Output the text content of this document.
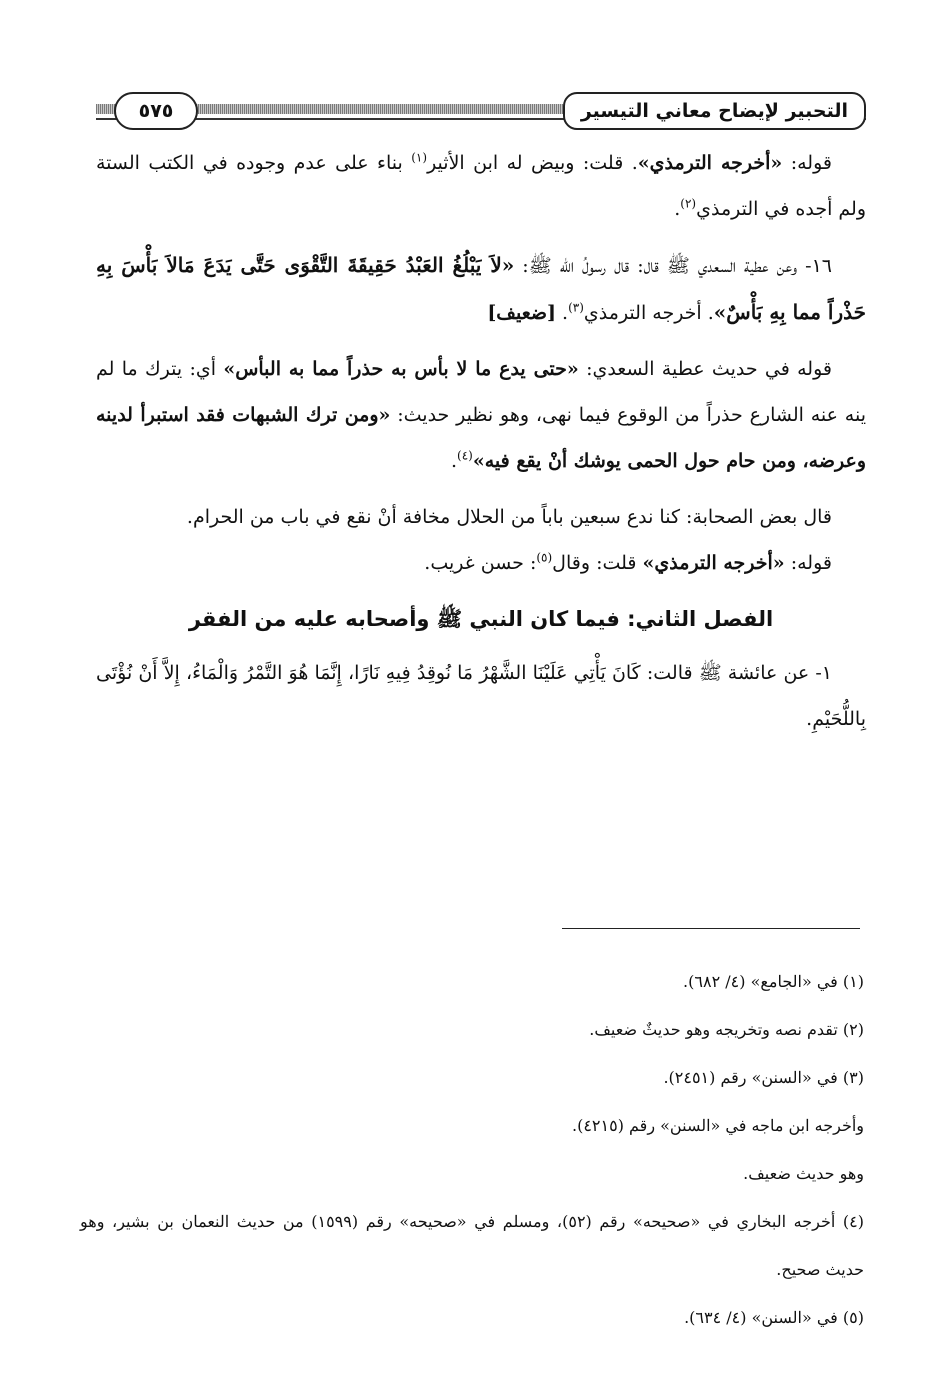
التحبير لإيضاح معاني التيسير
٥٧٥

قوله: «أخرجه الترمذي». قلت: وبيض له ابن الأثير$^{(١)}$ بناء على عدم وجوده في الكتب الستة ولم أجده في الترمذي$^{(٢)}$.

١٦- وعن عطية السعدي ﷺ قال: قال رسولُ الله ﷺ: «لاَ يَبْلُغُ العَبْدُ حَقِيقَةَ التَّقْوَى حَتَّى يَدَعَ مَالاَ بَأْسَ بِهِ حَذْراً مما بِهِ بَأْسٌ». أخرجه الترمذي$^{(٣)}$. [ضعيف]

قوله في حديث عطية السعدي: «حتى يدع ما لا بأس به حذراً مما به البأس» أي: يترك ما لم ينه عنه الشارع حذراً من الوقوع فيما نهى، وهو نظير حديث: «ومن ترك الشبهات فقد استبرأ لدينه وعرضه، ومن حام حول الحمى يوشك أنْ يقع فيه»$^{(٤)}$.

قال بعض الصحابة: كنا ندع سبعين باباً من الحلال مخافة أنْ نقع في باب من الحرام.

قوله: «أخرجه الترمذي» قلت: وقال$^{(٥)}$: حسن غريب.

الفصل الثاني: فيما كان النبي ﷺ وأصحابه عليه من الفقر

١- عن عائشة ﷺ قالت: كَانَ يَأْتِي عَلَيْنَا الشَّهْرُ مَا نُوقِدُ فِيهِ نَارًا، إِنَّمَا هُوَ التَّمْرُ وَالْمَاءُ، إِلاَّ أَنْ نُؤْتَى بِاللُّحَيْمِ.

(١) في «الجامع» (٤/ ٦٨٢).

(٢) تقدم نصه وتخريجه وهو حديثٌ ضعيف.

(٣) في «السنن» رقم (٢٤٥١).

وأخرجه ابن ماجه في «السنن» رقم (٤٢١٥).

وهو حديث ضعيف.

(٤) أخرجه البخاري في «صحيحه» رقم (٥٢)، ومسلم في «صحيحه» رقم (١٥٩٩) من حديث النعمان بن بشير، وهو حديث صحيح.

(٥) في «السنن» (٤/ ٦٣٤).
